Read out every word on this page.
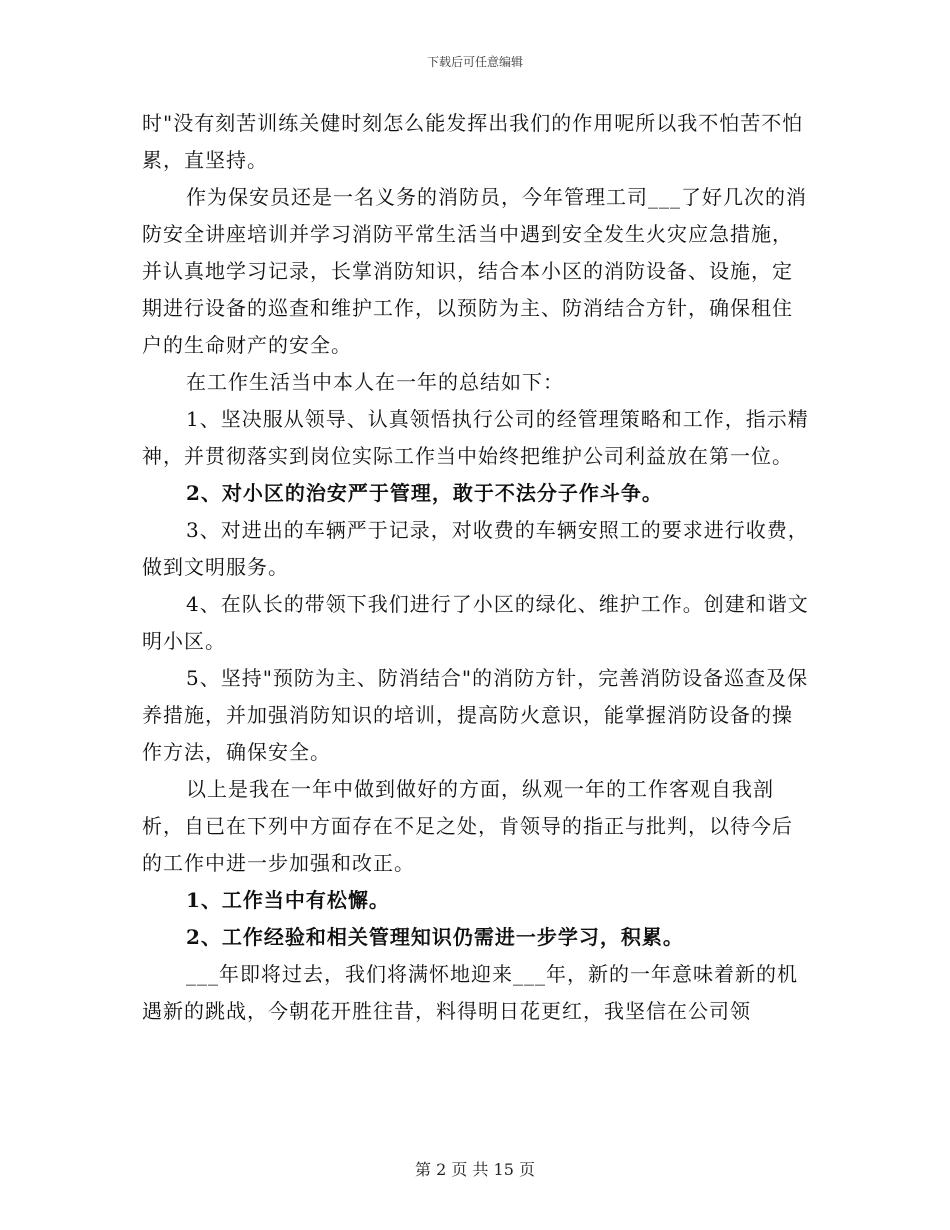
下载后可任意编辑

时"没有刻苦训练关健时刻怎么能发挥出我们的作用呢所以我不怕苦不怕累，直坚持。

作为保安员还是一名义务的消防员，今年管理工司___了好几次的消防安全讲座培训并学习消防平常生活当中遇到安全发生火灾应急措施，并认真地学习记录，长掌消防知识，结合本小区的消防设备、设施，定期进行设备的巡查和维护工作，以预防为主、防消结合方针，确保租住户的生命财产的安全。

在工作生活当中本人在一年的总结如下：

1、坚决服从领导、认真领悟执行公司的经管理策略和工作，指示精神，并贯彻落实到岗位实际工作当中始终把维护公司利益放在第一位。

2、对小区的治安严于管理，敢于不法分子作斗争。

3、对进出的车辆严于记录，对收费的车辆安照工的要求进行收费，做到文明服务。

4、在队长的带领下我们进行了小区的绿化、维护工作。创建和谐文明小区。

5、坚持"预防为主、防消结合"的消防方针，完善消防设备巡查及保养措施，并加强消防知识的培训，提高防火意识，能掌握消防设备的操作方法，确保安全。

以上是我在一年中做到做好的方面，纵观一年的工作客观自我剖析，自已在下列中方面存在不足之处，肯领导的指正与批判，以待今后的工作中进一步加强和改正。

1、工作当中有松懈。

2、工作经验和相关管理知识仍需进一步学习，积累。

___年即将过去，我们将满怀地迎来___年，新的一年意味着新的机遇新的跳战，今朝花开胜往昔，料得明日花更红，我坚信在公司领

第 2 页 共 15 页
